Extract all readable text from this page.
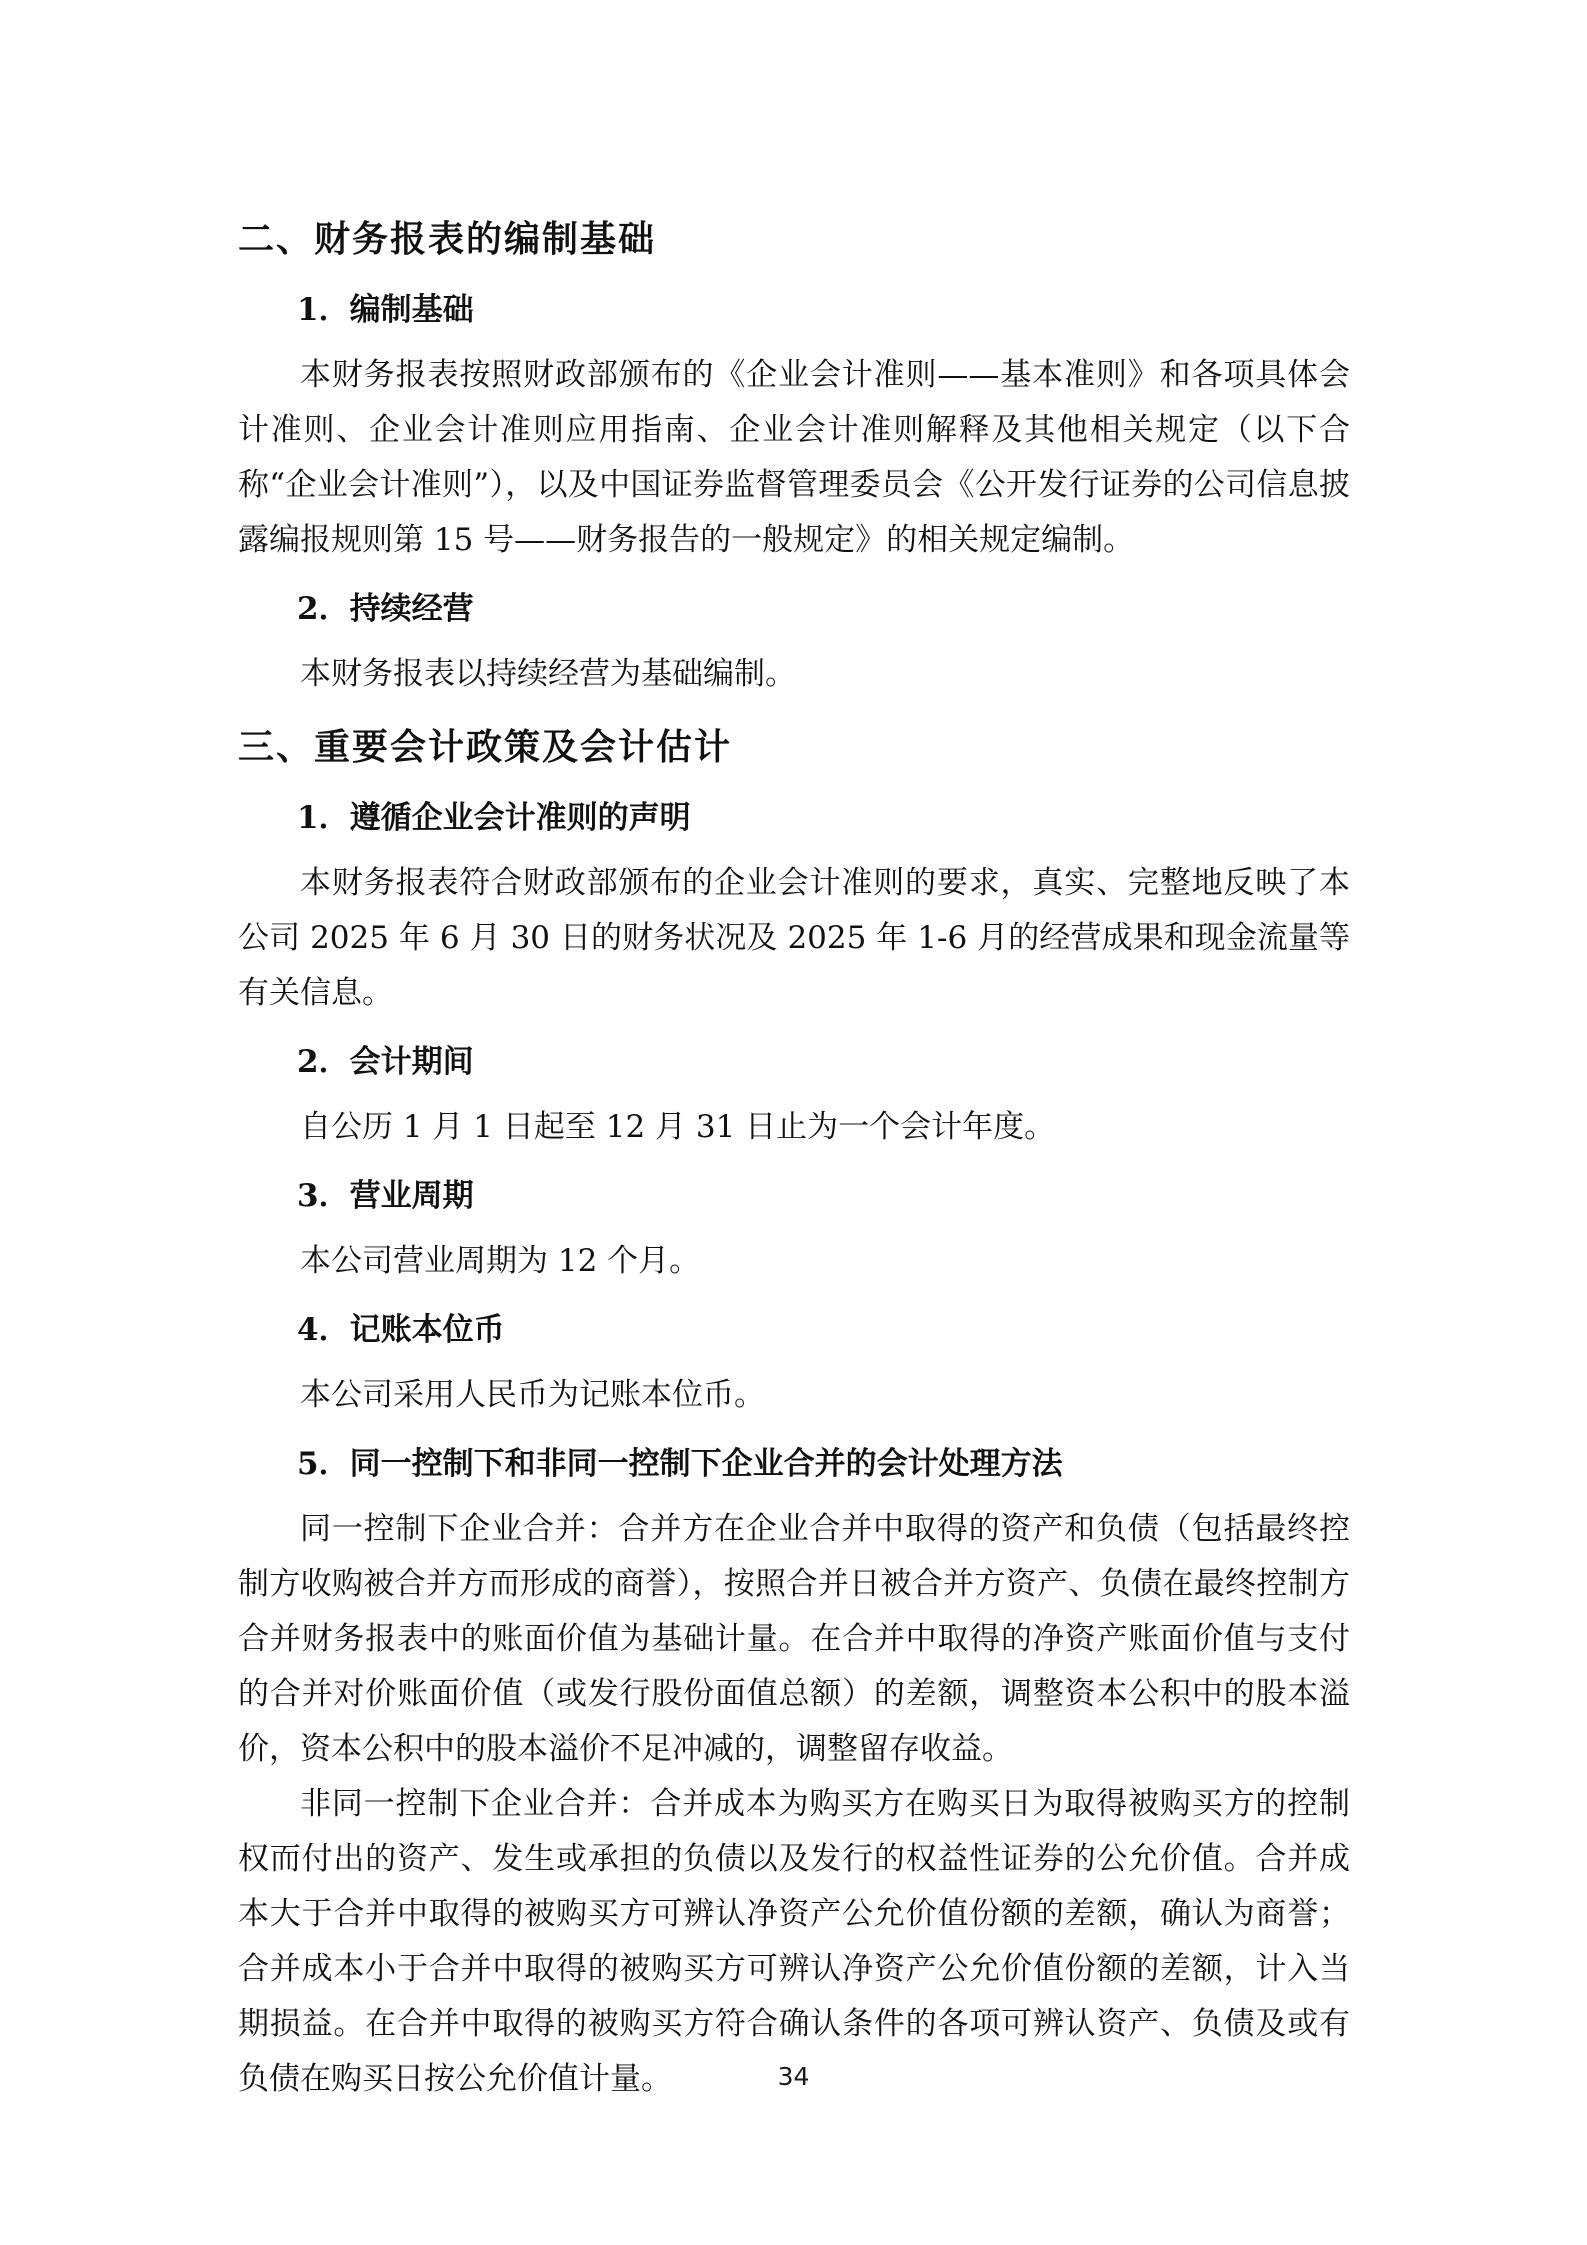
二、财务报表的编制基础
1．编制基础

本财务报表按照财政部颁布的《企业会计准则——基本准则》和各项具体会计准则、企业会计准则应用指南、企业会计准则解释及其他相关规定（以下合称“企业会计准则”），以及中国证券监督管理委员会《公开发行证券的公司信息披露编报规则第 15 号——财务报告的一般规定》的相关规定编制。

2．持续经营

本财务报表以持续经营为基础编制。

三、重要会计政策及会计估计
1．遵循企业会计准则的声明

本财务报表符合财政部颁布的企业会计准则的要求，真实、完整地反映了本公司 2025 年 6 月 30 日的财务状况及 2025 年 1-6 月的经营成果和现金流量等有关信息。

2．会计期间

自公历 1 月 1 日起至 12 月 31 日止为一个会计年度。

3．营业周期

本公司营业周期为 12 个月。

4．记账本位币

本公司采用人民币为记账本位币。

5．同一控制下和非同一控制下企业合并的会计处理方法

同一控制下企业合并：合并方在企业合并中取得的资产和负债（包括最终控制方收购被合并方而形成的商誉），按照合并日被合并方资产、负债在最终控制方合并财务报表中的账面价值为基础计量。在合并中取得的净资产账面价值与支付的合并对价账面价值（或发行股份面值总额）的差额，调整资本公积中的股本溢价，资本公积中的股本溢价不足冲减的，调整留存收益。

非同一控制下企业合并：合并成本为购买方在购买日为取得被购买方的控制权而付出的资产、发生或承担的负债以及发行的权益性证券的公允价值。合并成本大于合并中取得的被购买方可辨认净资产公允价值份额的差额，确认为商誉；合并成本小于合并中取得的被购买方可辨认净资产公允价值份额的差额，计入当期损益。在合并中取得的被购买方符合确认条件的各项可辨认资产、负债及或有负债在购买日按公允价值计量。	34
